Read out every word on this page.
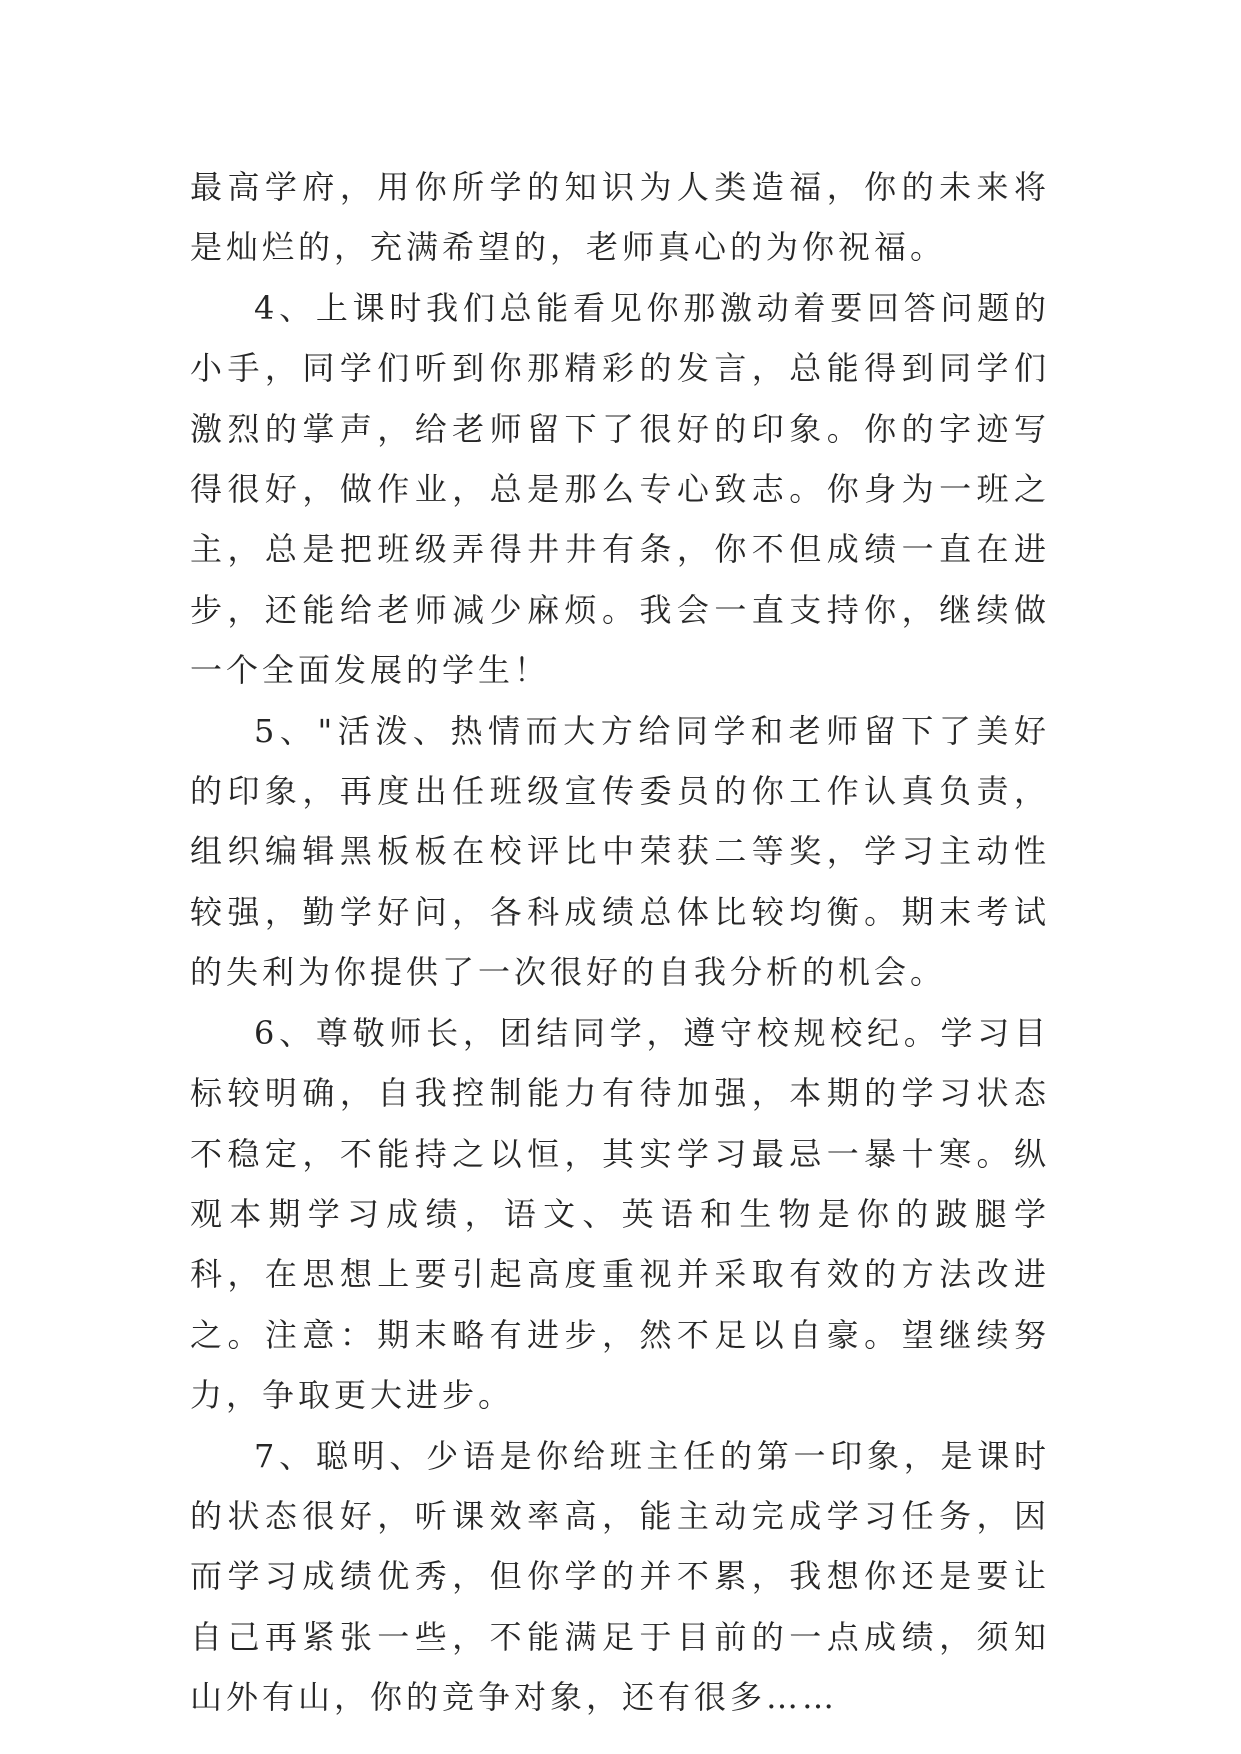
最高学府，用你所学的知识为人类造福，你的未来将是灿烂的，充满希望的，老师真心的为你祝福。

4、上课时我们总能看见你那激动着要回答问题的小手，同学们听到你那精彩的发言，总能得到同学们激烈的掌声，给老师留下了很好的印象。你的字迹写得很好，做作业，总是那么专心致志。你身为一班之主，总是把班级弄得井井有条，你不但成绩一直在进步，还能给老师减少麻烦。我会一直支持你，继续做一个全面发展的学生！

5、"活泼、热情而大方给同学和老师留下了美好的印象，再度出任班级宣传委员的你工作认真负责，组织编辑黑板板在校评比中荣获二等奖，学习主动性较强，勤学好问，各科成绩总体比较均衡。期末考试的失利为你提供了一次很好的自我分析的机会。

6、尊敬师长，团结同学，遵守校规校纪。学习目标较明确，自我控制能力有待加强，本期的学习状态不稳定，不能持之以恒，其实学习最忌一暴十寒。纵观本期学习成绩，语文、英语和生物是你的跛腿学科，在思想上要引起高度重视并采取有效的方法改进之。注意：期末略有进步，然不足以自豪。望继续努力，争取更大进步。

7、聪明、少语是你给班主任的第一印象，是课时的状态很好，听课效率高，能主动完成学习任务，因而学习成绩优秀，但你学的并不累，我想你还是要让自己再紧张一些，不能满足于目前的一点成绩，须知山外有山，你的竞争对象，还有很多……
